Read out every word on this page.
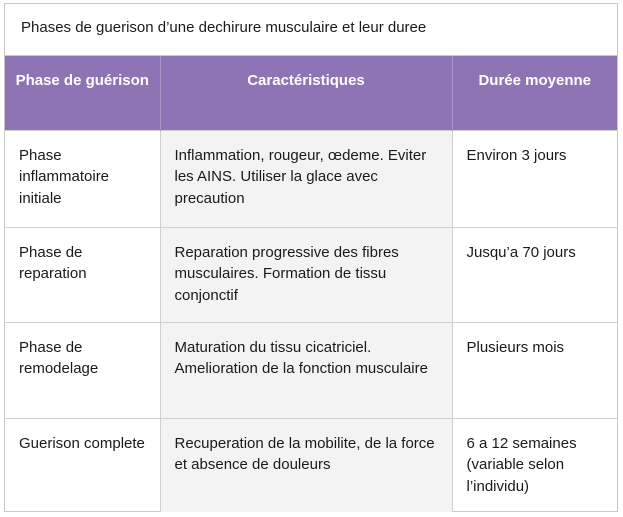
Phases de guerison d’une dechirure musculaire et leur duree
Phase de guérison	Caractéristiques	Durée moyenne
Phase inflammatoire initiale	Inflammation, rougeur, œdeme. Eviter les AINS. Utiliser la glace avec precaution	Environ 3 jours
Phase de reparation	Reparation progressive des fibres musculaires. Formation de tissu conjonctif	Jusqu’a 70 jours
Phase de remodelage	Maturation du tissu cicatriciel. Amelioration de la fonction musculaire	Plusieurs mois
Guerison complete	Recuperation de la mobilite, de la force et absence de douleurs	6 a 12 semaines (variable selon l’individu)
